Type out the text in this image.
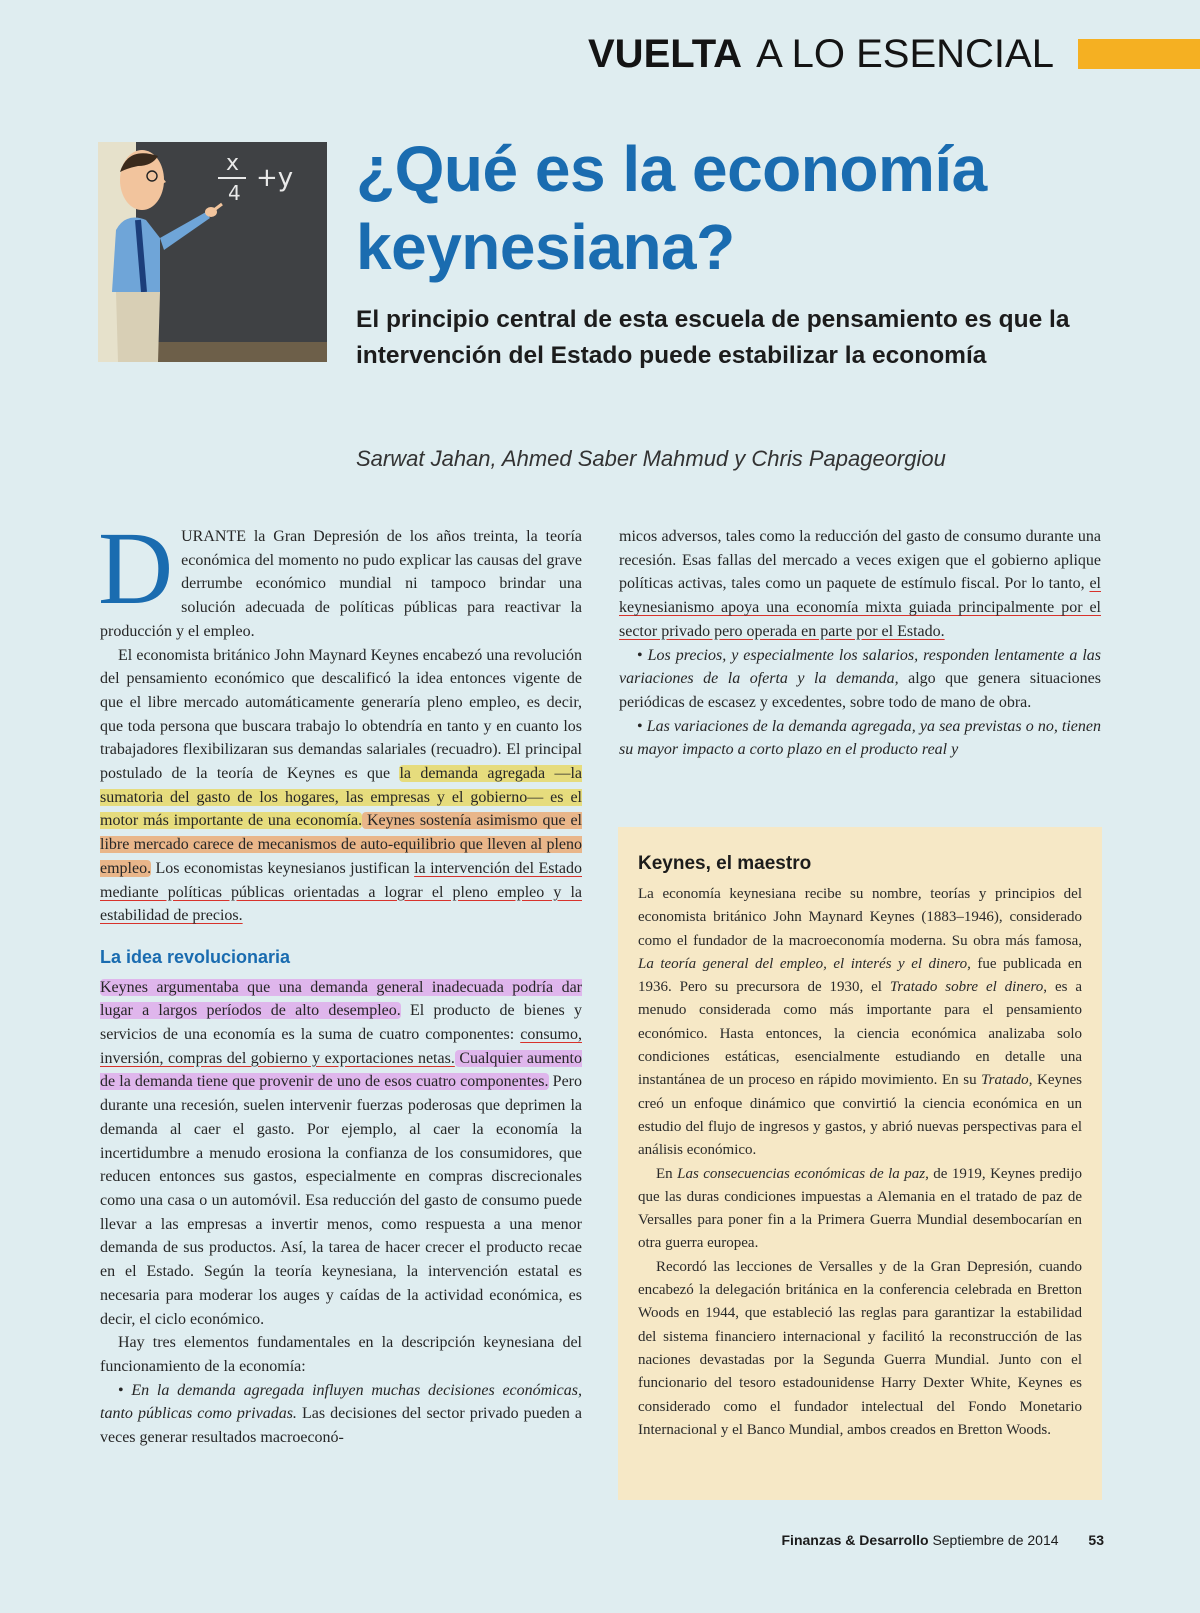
VUELTA A LO ESENCIAL
x
4 +y ¿Qué es la economía keynesiana?

El principio central de esta escuela de pensamiento es que la intervención del Estado puede estabilizar la economía

Sarwat Jahan, Ahmed Saber Mahmud y Chris Papageorgiou

DURANTE la Gran Depresión de los años treinta, la teoría económica del momento no pudo explicar las causas del grave derrumbe económico mundial ni tampoco brindar una solución adecuada de políticas públicas para reactivar la producción y el empleo.

El economista británico John Maynard Keynes encabezó una revolución del pensamiento económico que descalificó la idea entonces vigente de que el libre mercado automáticamente generaría pleno empleo, es decir, que toda persona que buscara trabajo lo obtendría en tanto y en cuanto los trabajadores flexibilizaran sus demandas salariales (recuadro). El principal postulado de la teoría de Keynes es que la demanda agregada —la sumatoria del gasto de los hogares, las empresas y el gobierno— es el motor más importante de una economía. Keynes sostenía asimismo que el libre mercado carece de mecanismos de auto-equilibrio que lleven al pleno empleo. Los economistas keynesianos justifican la intervención del Estado mediante políticas públicas orientadas a lograr el pleno empleo y la estabilidad de precios.

La idea revolucionaria

Keynes argumentaba que una demanda general inadecuada podría dar lugar a largos períodos de alto desempleo. El producto de bienes y servicios de una economía es la suma de cuatro componentes: consumo, inversión, compras del gobierno y exportaciones netas. Cualquier aumento de la demanda tiene que provenir de uno de esos cuatro componentes. Pero durante una recesión, suelen intervenir fuerzas poderosas que deprimen la demanda al caer el gasto. Por ejemplo, al caer la economía la incertidumbre a menudo erosiona la confianza de los consumidores, que reducen entonces sus gastos, especialmente en compras discrecionales como una casa o un automóvil. Esa reducción del gasto de consumo puede llevar a las empresas a invertir menos, como respuesta a una menor demanda de sus productos. Así, la tarea de hacer crecer el producto recae en el Estado. Según la teoría keynesiana, la intervención estatal es necesaria para moderar los auges y caídas de la actividad económica, es decir, el ciclo económico.

Hay tres elementos fundamentales en la descripción keynesiana del funcionamiento de la economía:

• En la demanda agregada influyen muchas decisiones económicas, tanto públicas como privadas. Las decisiones del sector privado pueden a veces generar resultados macroeconó-

micos adversos, tales como la reducción del gasto de consumo durante una recesión. Esas fallas del mercado a veces exigen que el gobierno aplique políticas activas, tales como un paquete de estímulo fiscal. Por lo tanto, el keynesianismo apoya una economía mixta guiada principalmente por el sector privado pero operada en parte por el Estado.

• Los precios, y especialmente los salarios, responden lentamente a las variaciones de la oferta y la demanda, algo que genera situaciones periódicas de escasez y excedentes, sobre todo de mano de obra.

• Las variaciones de la demanda agregada, ya sea previstas o no, tienen su mayor impacto a corto plazo en el producto real y

Keynes, el maestro

La economía keynesiana recibe su nombre, teorías y principios del economista británico John Maynard Keynes (1883–1946), considerado como el fundador de la macroeconomía moderna. Su obra más famosa, La teoría general del empleo, el interés y el dinero, fue publicada en 1936. Pero su precursora de 1930, el Tratado sobre el dinero, es a menudo considerada como más importante para el pensamiento económico. Hasta entonces, la ciencia económica analizaba solo condiciones estáticas, esencialmente estudiando en detalle una instantánea de un proceso en rápido movimiento. En su Tratado, Keynes creó un enfoque dinámico que convirtió la ciencia económica en un estudio del flujo de ingresos y gastos, y abrió nuevas perspectivas para el análisis económico.

En Las consecuencias económicas de la paz, de 1919, Keynes predijo que las duras condiciones impuestas a Alemania en el tratado de paz de Versalles para poner fin a la Primera Guerra Mundial desembocarían en otra guerra europea.

Recordó las lecciones de Versalles y de la Gran Depresión, cuando encabezó la delegación británica en la conferencia celebrada en Bretton Woods en 1944, que estableció las reglas para garantizar la estabilidad del sistema financiero internacional y facilitó la reconstrucción de las naciones devastadas por la Segunda Guerra Mundial. Junto con el funcionario del tesoro estadounidense Harry Dexter White, Keynes es considerado como el fundador intelectual del Fondo Monetario Internacional y el Banco Mundial, ambos creados en Bretton Woods.

Finanzas & Desarrollo Septiembre de 2014 53
